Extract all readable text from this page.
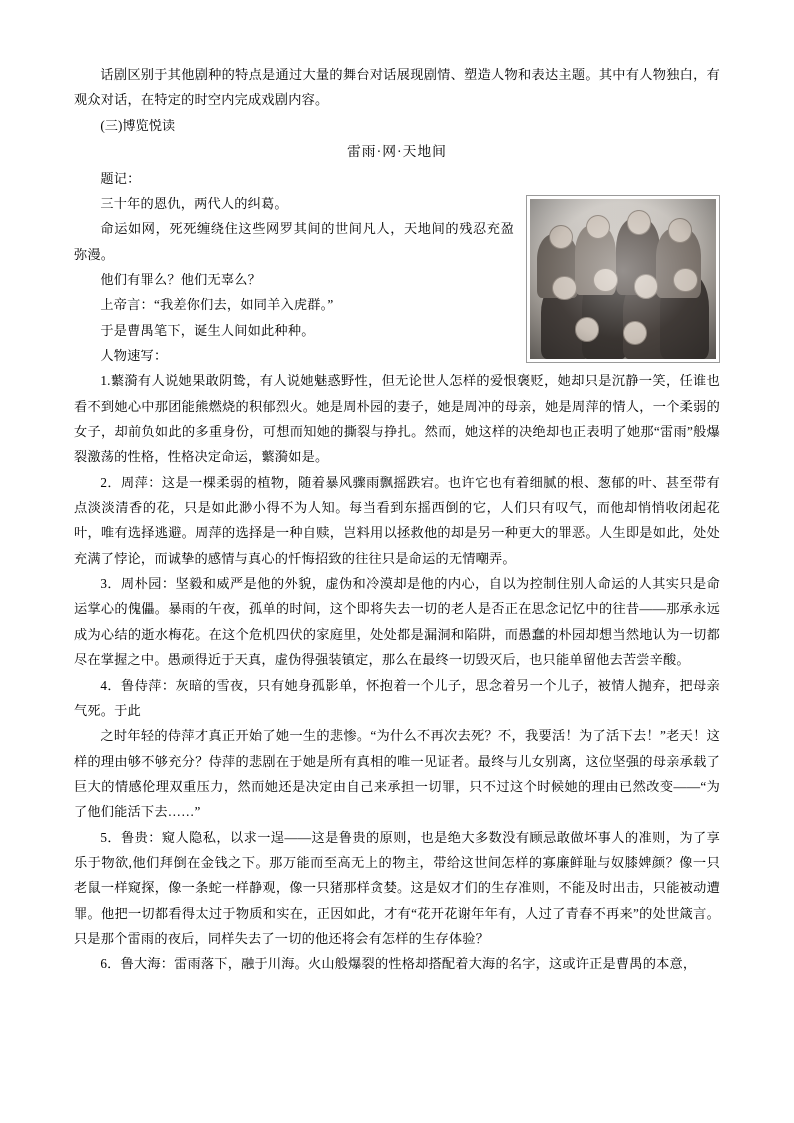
话剧区别于其他剧种的特点是通过大量的舞台对话展现剧情、塑造人物和表达主题。其中有人物独白，有观众对话，在特定的时空内完成戏剧内容。

(三)博览悦读

雷雨·网·天地间

题记：

三十年的恩仇，两代人的纠葛。

命运如网，死死缠绕住这些网罗其间的世间凡人，天地间的残忍充盈弥漫。

他们有罪么？他们无辜么？

上帝言：“我差你们去，如同羊入虎群。”

于是曹禺笔下，诞生人间如此种种。

人物速写：

1.蘩漪有人说她果敢阴鸷，有人说她魅惑野性，但无论世人怎样的爱恨褒贬，她却只是沉静一笑，任谁也看不到她心中那团能熊燃烧的积郁烈火。她是周朴园的妻子，她是周冲的母亲，她是周萍的情人，一个柔弱的女子，却前负如此的多重身份，可想而知她的撕裂与挣扎。然而，她这样的决绝却也正表明了她那“雷雨”般爆裂激荡的性格，性格决定命运，蘩漪如是。

2．周萍：这是一棵柔弱的植物，随着暴风骤雨飘摇跌宕。也许它也有着细腻的根、葱郁的叶、甚至带有点淡淡清香的花，只是如此渺小得不为人知。每当看到东摇西倒的它，人们只有叹气，而他却悄悄收闭起花叶，唯有选择逃避。周萍的选择是一种自赎，岂料用以拯救他的却是另一种更大的罪恶。人生即是如此，处处充满了悖论，而诚挚的感情与真心的忏悔招致的往往只是命运的无情嘲弄。

3．周朴园：坚毅和威严是他的外貌，虚伪和冷漠却是他的内心，自以为控制住别人命运的人其实只是命运掌心的傀儡。暴雨的午夜，孤单的时间，这个即将失去一切的老人是否正在思念记忆中的往昔——那承永远成为心结的逝水梅花。在这个危机四伏的家庭里，处处都是漏洞和陷阱，而愚蠢的朴园却想当然地认为一切都尽在掌握之中。愚顽得近于天真，虚伪得强装镇定，那么在最终一切毁灭后，也只能单留他去苦尝辛酸。

4．鲁侍萍：灰暗的雪夜，只有她身孤影单，怀抱着一个儿子，思念着另一个儿子，被情人抛弃，把母亲气死。于此

之时年轻的侍萍才真正开始了她一生的悲惨。“为什么不再次去死？不，我要活！为了活下去！”老天！这样的理由够不够充分？侍萍的悲剧在于她是所有真相的唯一见证者。最终与儿女别离，这位坚强的母亲承载了巨大的情感伦理双重压力，然而她还是决定由自己来承担一切罪，只不过这个时候她的理由已然改变——“为了他们能活下去……”

5．鲁贵：窥人隐私，以求一逞——这是鲁贵的原则，也是绝大多数没有顾忌敢做坏事人的准则，为了享乐于物欲,他们拜倒在金钱之下。那万能而至高无上的物主，带给这世间怎样的寡廉鲜耻与奴膝婢颜？像一只老鼠一样窥探，像一条蛇一样静观，像一只猪那样贪婪。这是奴才们的生存准则，不能及时出击，只能被动遭罪。他把一切都看得太过于物质和实在，正因如此，才有“花开花谢年年有，人过了青春不再来”的处世箴言。只是那个雷雨的夜后，同样失去了一切的他还将会有怎样的生存体验？

6．鲁大海：雷雨落下，融于川海。火山般爆裂的性格却搭配着大海的名字，这或许正是曹禺的本意，
